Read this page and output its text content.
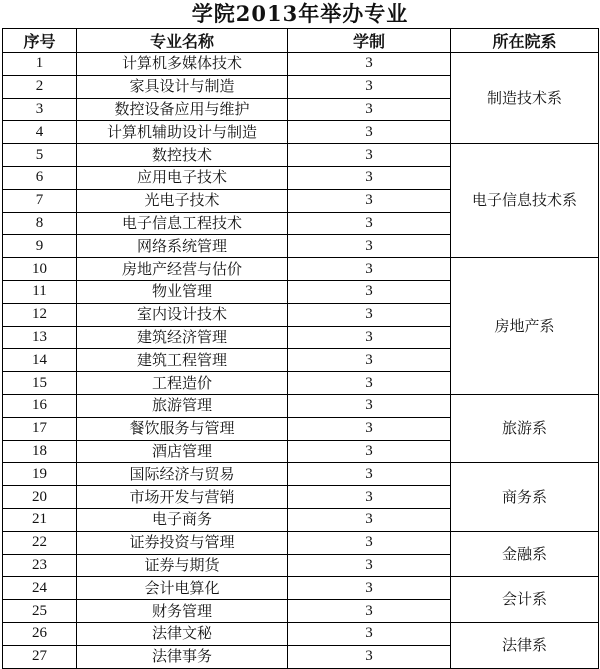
学院2013年举办专业
序号	专业名称	学制	所在院系
1	计算机多媒体技术	3	制造技术系
2	家具设计与制造	3	
3	数控设备应用与维护	3	
4	计算机辅助设计与制造	3	
5	数控技术	3	电子信息技术系
6	应用电子技术	3	
7	光电子技术	3	
8	电子信息工程技术	3	
9	网络系统管理	3	
10	房地产经营与估价	3	房地产系
11	物业管理	3	
12	室内设计技术	3	
13	建筑经济管理	3	
14	建筑工程管理	3	
15	工程造价	3	
16	旅游管理	3	旅游系
17	餐饮服务与管理	3	
18	酒店管理	3	
19	国际经济与贸易	3	商务系
20	市场开发与营销	3	
21	电子商务	3	
22	证券投资与管理	3	金融系
23	证券与期货	3	
24	会计电算化	3	会计系
25	财务管理	3	
26	法律文秘	3	法律系
27	法律事务	3	
